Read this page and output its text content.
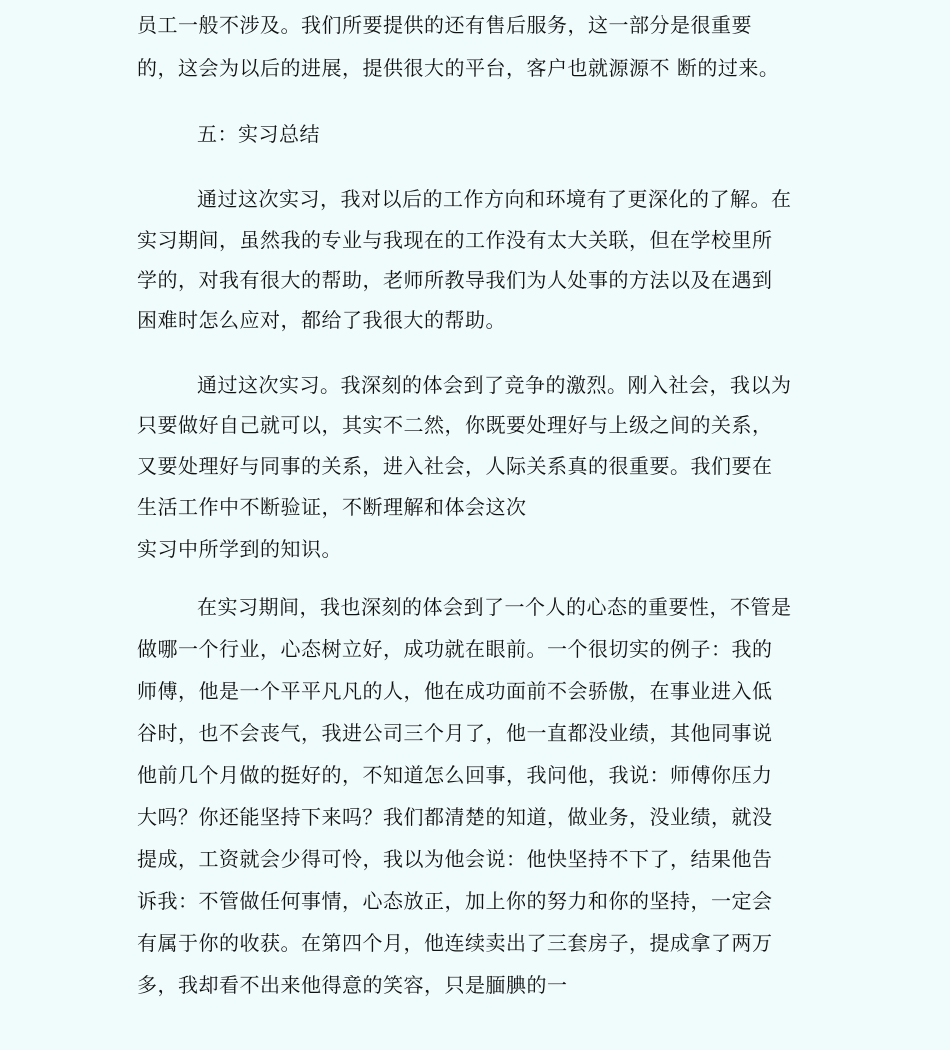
员工一般不涉及。我们所要提供的还有售后服务，这一部分是很重要
的，这会为以后的进展，提供很大的平台，客户也就源源不 断的过来。
五：实习总结
通过这次实习，我对以后的工作方向和环境有了更深化的了解。在
实习期间，虽然我的专业与我现在的工作没有太大关联，但在学校里所
学的，对我有很大的帮助，老师所教导我们为人处事的方法以及在遇到
困难时怎么应对，都给了我很大的帮助。
通过这次实习。我深刻的体会到了竞争的激烈。刚入社会，我以为
只要做好自己就可以，其实不二然，你既要处理好与上级之间的关系，
又要处理好与同事的关系，进入社会，人际关系真的很重要。我们要在
生活工作中不断验证，不断理解和体会这次
实习中所学到的知识。
在实习期间，我也深刻的体会到了一个人的心态的重要性，不管是
做哪一个行业，心态树立好，成功就在眼前。一个很切实的例子：我的
师傅，他是一个平平凡凡的人，他在成功面前不会骄傲，在事业进入低
谷时，也不会丧气，我进公司三个月了，他一直都没业绩，其他同事说
他前几个月做的挺好的，不知道怎么回事，我问他，我说：师傅你压力
大吗？你还能坚持下来吗？我们都清楚的知道，做业务，没业绩，就没
提成，工资就会少得可怜，我以为他会说：他快坚持不下了，结果他告
诉我：不管做任何事情，心态放正，加上你的努力和你的坚持，一定会
有属于你的收获。在第四个月，他连续卖出了三套房子，提成拿了两万
多，我却看不出来他得意的笑容，只是腼腆的一
